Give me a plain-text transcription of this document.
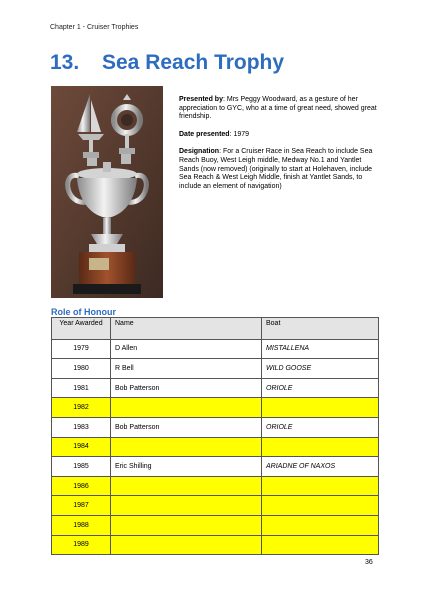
Chapter 1 - Cruiser Trophies
13. Sea Reach Trophy

Presented by: Mrs Peggy Woodward, as a gesture of her appreciation to GYC, who at a time of great need, showed great friendship.

Date presented: 1979

Designation: For a Cruiser Race in Sea Reach to include Sea Reach Buoy, West Leigh middle, Medway No.1 and Yantlet Sands (now removed) (originally to start at Holehaven, include Sea Reach & West Leigh Middle, finish at Yantlet Sands, to include an element of navigation)

Role of Honour
Year Awarded	Name	Boat
1979	D Allen	MISTALLENA
1980	R Bell	WILD GOOSE
1981	Bob Patterson	ORIOLE
1982		
1983	Bob Patterson	ORIOLE
1984		
1985	Eric Shilling	ARIADNE OF NAXOS
1986		
1987		
1988		
1989		
36
